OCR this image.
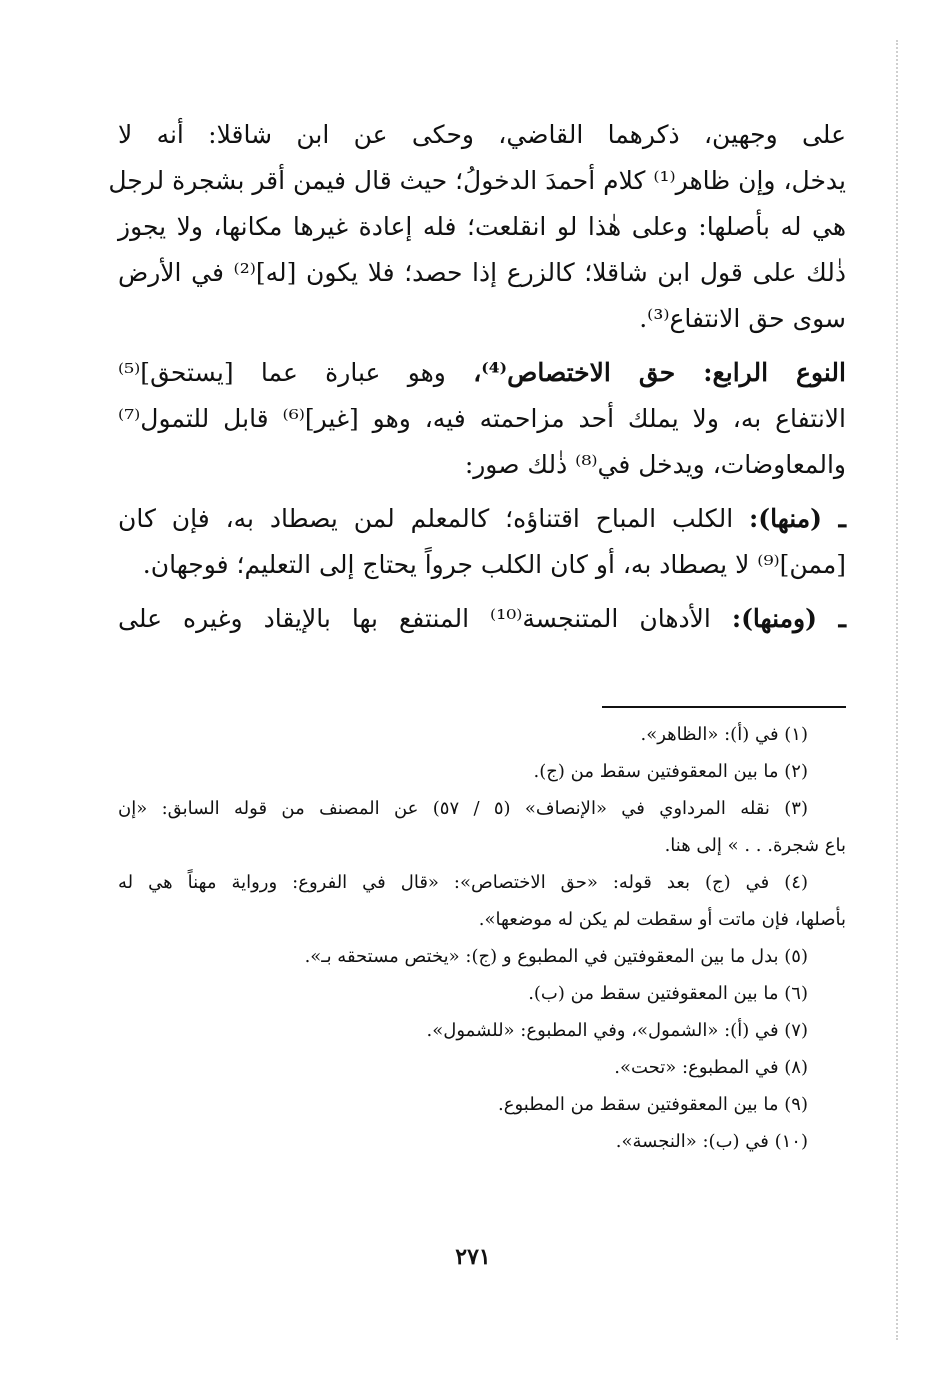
على وجهين، ذكرهما القاضي، وحكى عن ابن شاقلا: أنه لا
يدخل، وإن ظاهر⁽¹⁾ كلام أحمدَ الدخولُ؛ حيث قال فيمن أقر بشجرة لرجل
هي له بأصلها: وعلى هٰذا لو انقلعت؛ فله إعادة غيرها مكانها، ولا يجوز
ذٰلك على قول ابن شاقلا؛ كالزرع إذا حصد؛ فلا يكون [له]⁽²⁾ في الأرض
سوى حق الانتفاع⁽³⁾.

النوع الرابع: حق الاختصاص⁽⁴⁾، وهو عبارة عما [يستحق]⁽⁵⁾
الانتفاع به، ولا يملك أحد مزاحمته فيه، وهو [غير]⁽⁶⁾ قابل للتمول⁽⁷⁾
والمعاوضات، ويدخل في⁽⁸⁾ ذٰلك صور:

ـ (منها): الكلب المباح اقتناؤه؛ كالمعلم لمن يصطاد به، فإن كان
[ممن]⁽⁹⁾ لا يصطاد به، أو كان الكلب جرواً يحتاج إلى التعليم؛ فوجهان.

ـ (ومنها): الأدهان المتنجسة⁽¹⁰⁾ المنتفع بها بالإيقاد وغيره على

(١) في (أ): «الظاهر».

(٢) ما بين المعقوفتين سقط من (ج).

(٣) نقله المرداوي في «الإنصاف» (٥ / ٥٧) عن المصنف من قوله السابق: «إن

باع شجرة. . . » إلى هنا.

(٤) في (ج) بعد قوله: «حق الاختصاص»: «قال في الفروع: ورواية مهناً هي له

بأصلها، فإن ماتت أو سقطت لم يكن له موضعها».

(٥) بدل ما بين المعقوفتين في المطبوع و (ج): «يختص مستحقه بـ».

(٦) ما بين المعقوفتين سقط من (ب).

(٧) في (أ): «الشمول»، وفي المطبوع: «للشمول».

(٨) في المطبوع: «تحت».

(٩) ما بين المعقوفتين سقط من المطبوع.

(١٠) في (ب): «النجسة».

٢٧١
